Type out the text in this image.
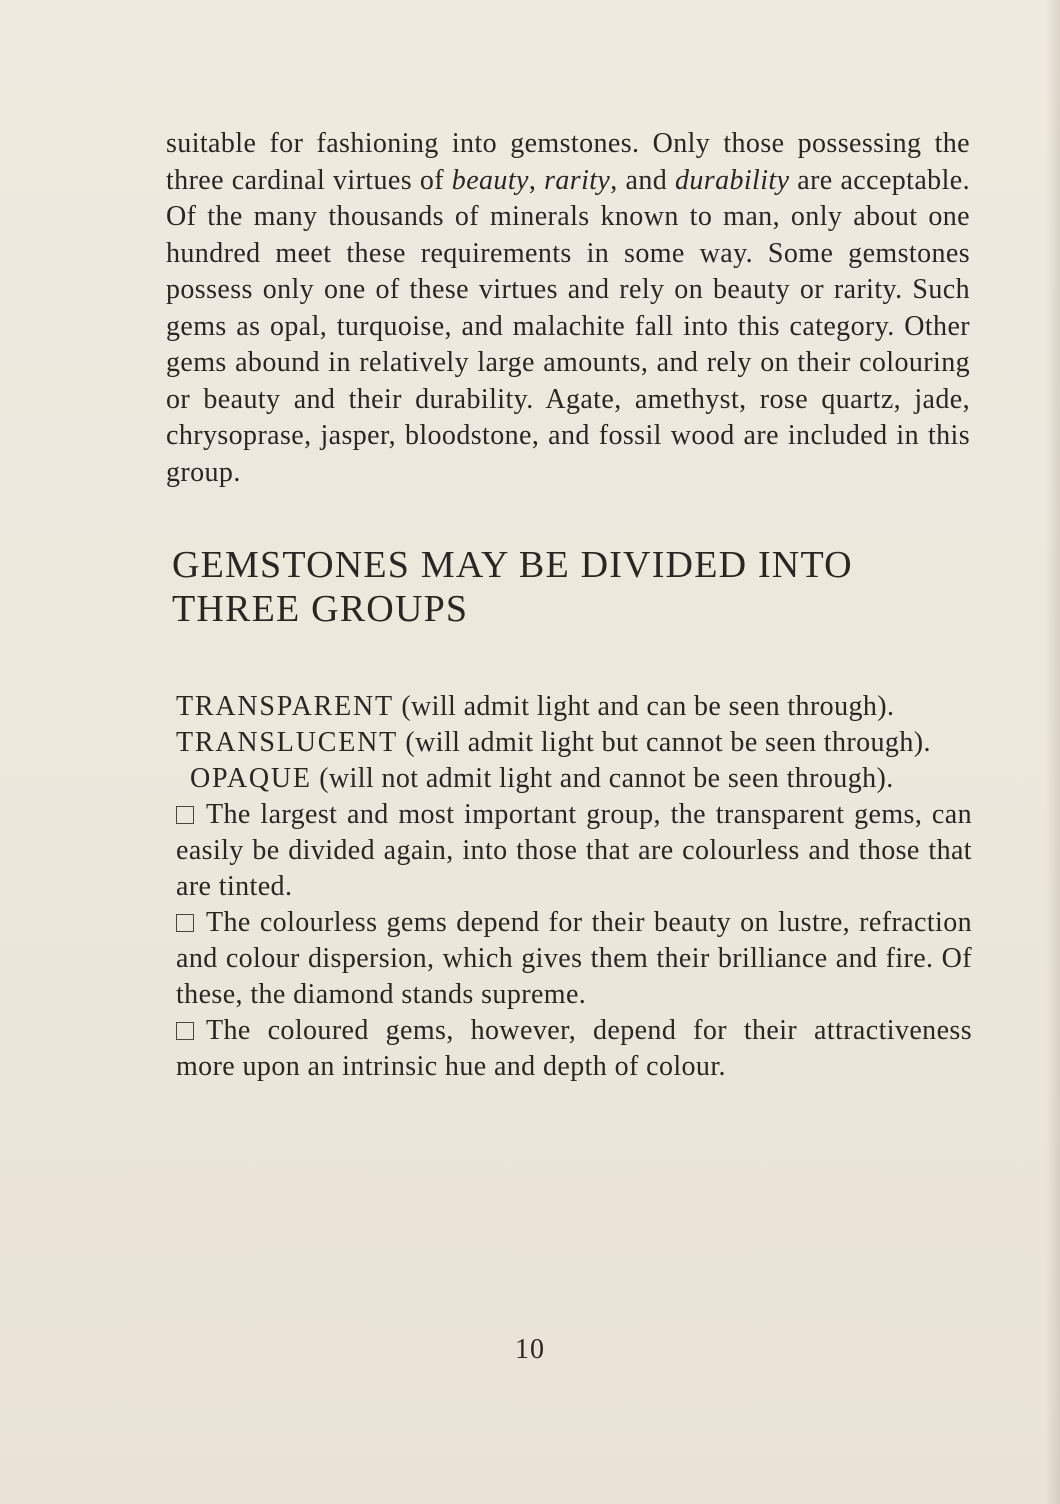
suitable for fashioning into gemstones. Only those possessing the three cardinal virtues of beauty, rarity, and durability are acceptable. Of the many thousands of minerals known to man, only about one hundred meet these requirements in some way. Some gemstones possess only one of these virtues and rely on beauty or rarity. Such gems as opal, turquoise, and malachite fall into this category. Other gems abound in relatively large amounts, and rely on their colouring or beauty and their durability. Agate, amethyst, rose quartz, jade, chrysoprase, jasper, bloodstone, and fossil wood are included in this group.

GEMSTONES MAY BE DIVIDED INTO THREE GROUPS
TRANSPARENT (will admit light and can be seen through).
TRANSLUCENT (will admit light but cannot be seen through).
OPAQUE (will not admit light and cannot be seen through).

The largest and most important group, the transparent gems, can easily be divided again, into those that are colourless and those that are tinted.

The colourless gems depend for their beauty on lustre, refraction and colour dispersion, which gives them their brilliance and fire. Of these, the diamond stands supreme.

The coloured gems, however, depend for their attractiveness more upon an intrinsic hue and depth of colour.

10
